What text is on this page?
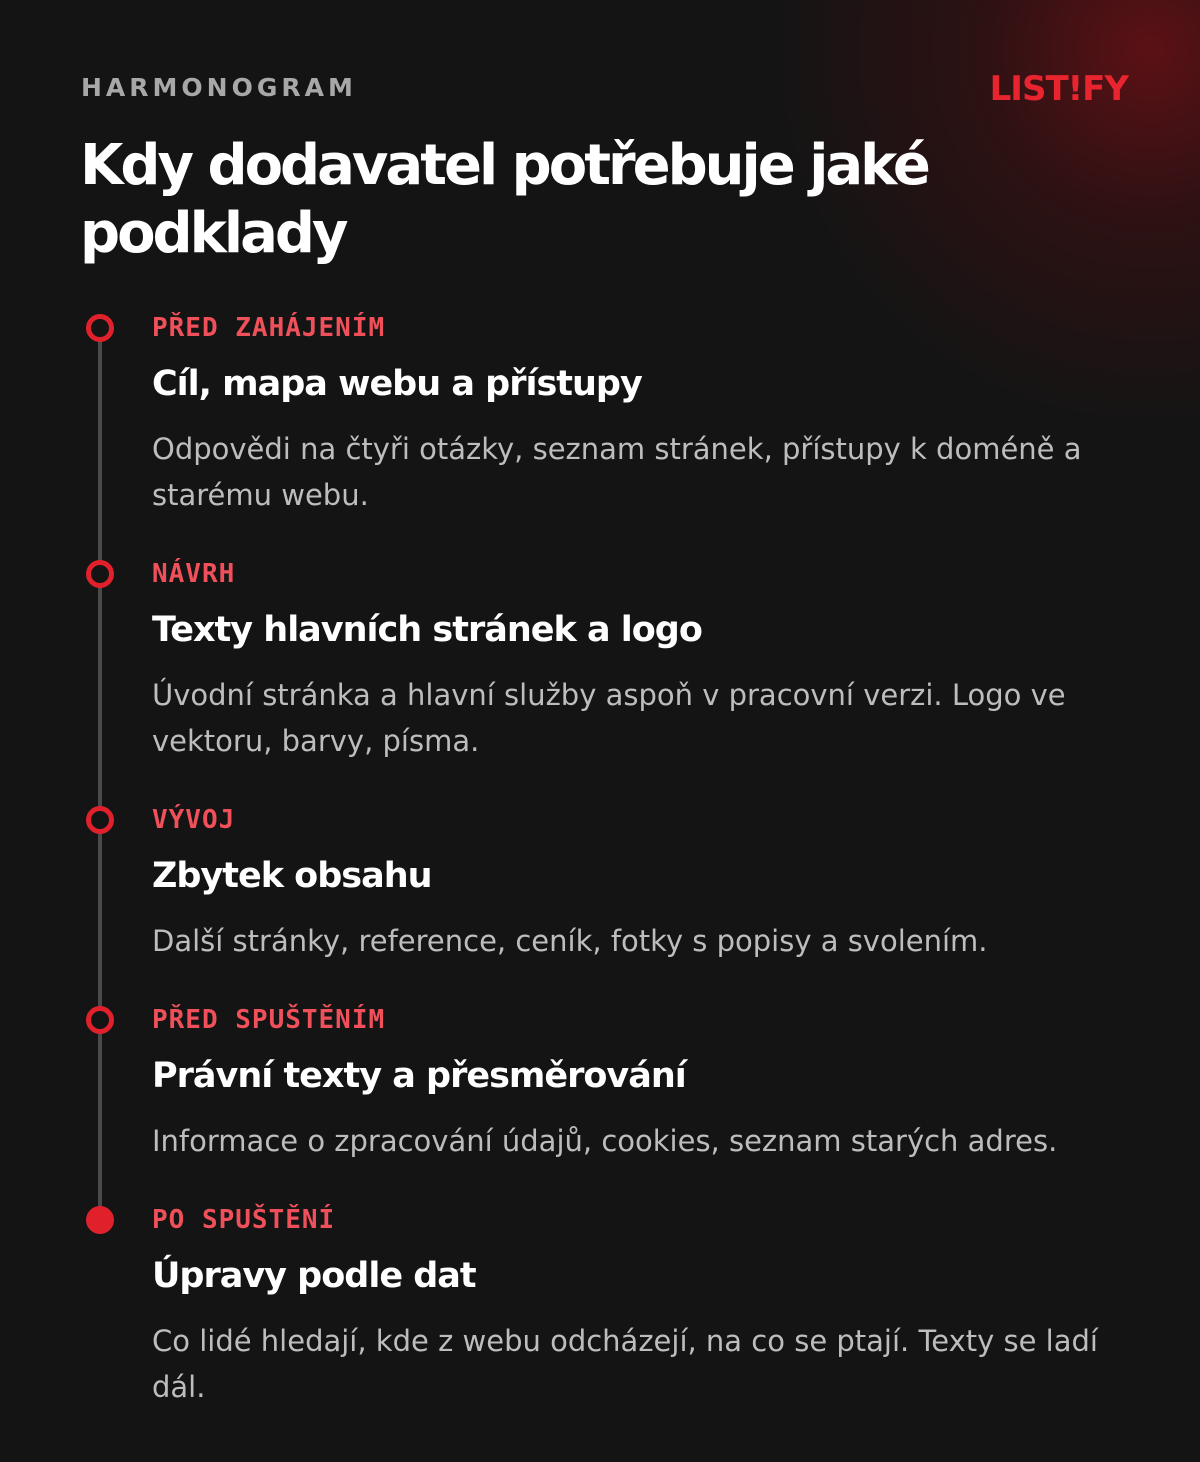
HARMONOGRAM	LIST!FY
Kdy dodavatel potřebuje jaké podklady
PŘED ZAHÁJENÍM
Cíl, mapa webu a přístupy

Odpovědi na čtyři otázky, seznam stránek, přístupy k doméně a starému webu.

NÁVRH
Texty hlavních stránek a logo

Úvodní stránka a hlavní služby aspoň v pracovní verzi. Logo ve vektoru, barvy, písma.

VÝVOJ
Zbytek obsahu

Další stránky, reference, ceník, fotky s popisy a svolením.

PŘED SPUŠTĚNÍM
Právní texty a přesměrování

Informace o zpracování údajů, cookies, seznam starých adres.

PO SPUŠTĚNÍ
Úpravy podle dat

Co lidé hledají, kde z webu odcházejí, na co se ptají. Texty se ladí dál.
